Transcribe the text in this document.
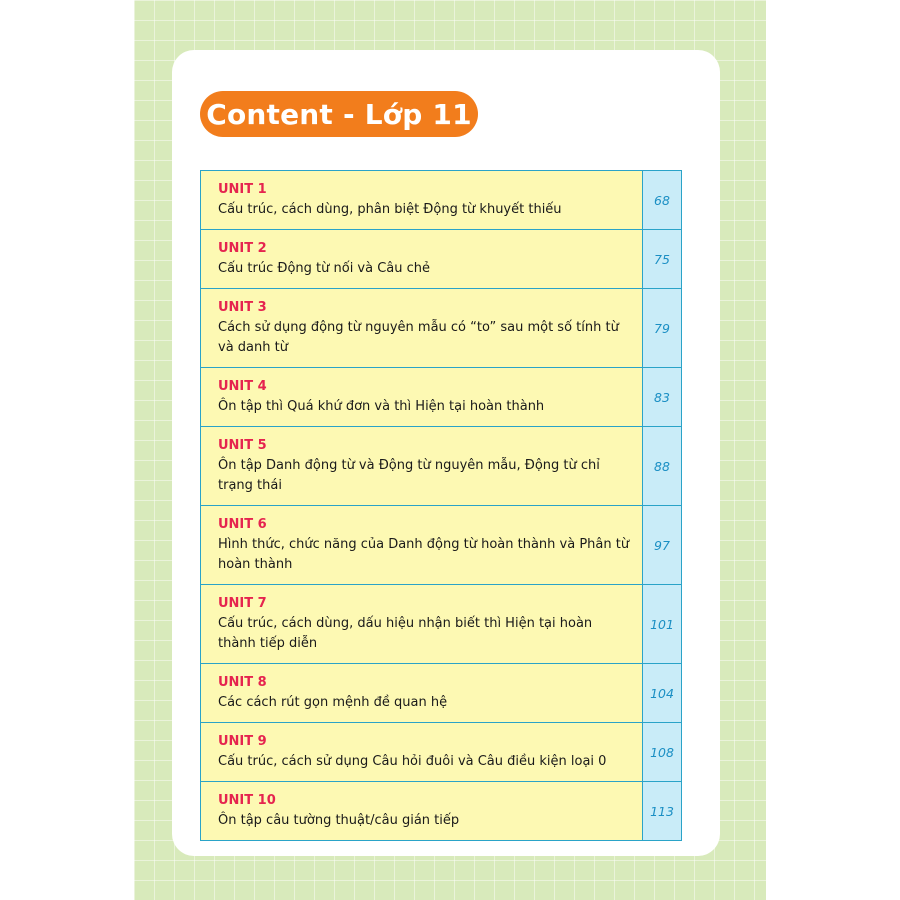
Content - Lớp 11
UNIT 1
Cấu trúc, cách dùng, phân biệt Động từ khuyết thiếu
68
UNIT 2
Cấu trúc Động từ nối và Câu chẻ
75
UNIT 3
Cách sử dụng động từ nguyên mẫu có “to” sau một số tính từ và danh từ
79
UNIT 4
Ôn tập thì Quá khứ đơn và thì Hiện tại hoàn thành
83
UNIT 5
Ôn tập Danh động từ và Động từ nguyên mẫu, Động từ chỉ trạng thái
88
UNIT 6
Hình thức, chức năng của Danh động từ hoàn thành và Phân từ hoàn thành
97
UNIT 7
Cấu trúc, cách dùng, dấu hiệu nhận biết thì Hiện tại hoàn thành tiếp diễn
101
UNIT 8
Các cách rút gọn mệnh đề quan hệ
104
UNIT 9
Cấu trúc, cách sử dụng Câu hỏi đuôi và Câu điều kiện loại 0
108
UNIT 10
Ôn tập câu tường thuật/câu gián tiếp
113
